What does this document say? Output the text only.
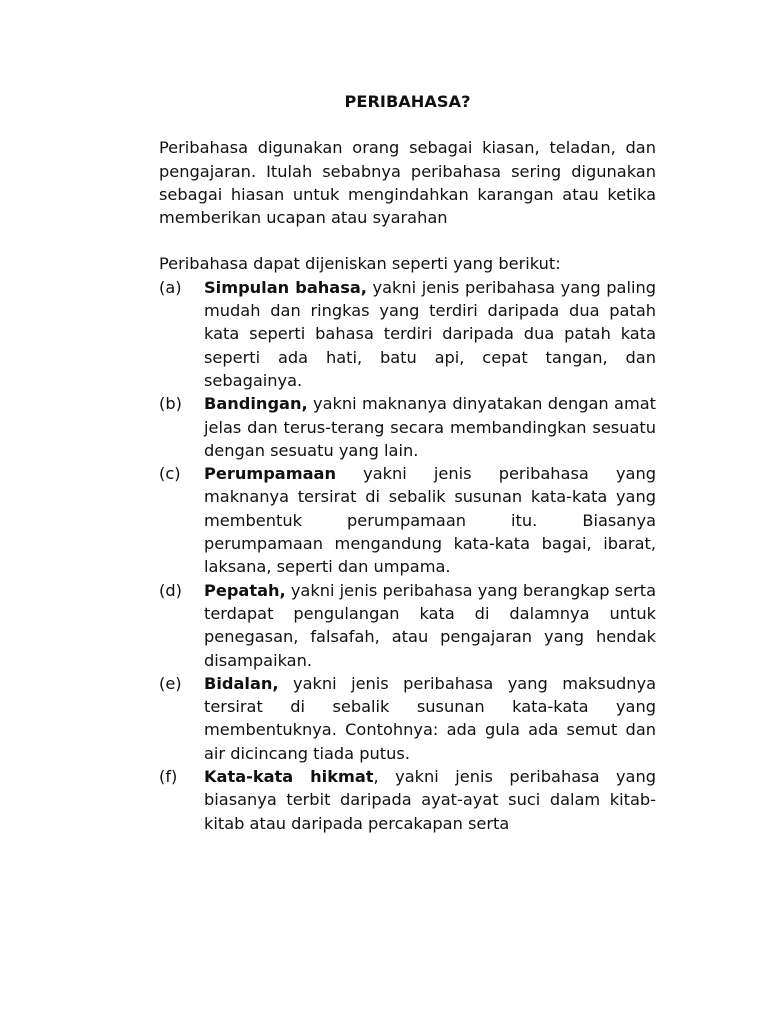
PERIBAHASA?

Peribahasa digunakan orang sebagai kiasan, teladan, dan pengajaran. Itulah sebabnya peribahasa sering digunakan sebagai hiasan untuk mengindahkan karangan atau ketika memberikan ucapan atau syarahan

Peribahasa dapat dijeniskan seperti yang berikut:

(a)	Simpulan bahasa, yakni jenis peribahasa yang paling mudah dan ringkas yang terdiri daripada dua patah kata seperti bahasa terdiri daripada dua patah kata seperti ada hati, batu api, cepat tangan, dan sebagainya.
(b)	Bandingan, yakni maknanya dinyatakan dengan amat jelas dan terus-terang secara membandingkan sesuatu dengan sesuatu yang lain.
(c)	Perumpamaan yakni jenis peribahasa yang maknanya tersirat di sebalik susunan kata-kata yang membentuk perumpamaan itu. Biasanya perumpamaan mengandung kata-kata bagai, ibarat, laksana, seperti dan umpama.
(d)	Pepatah, yakni jenis peribahasa yang berangkap serta terdapat pengulangan kata di dalamnya untuk penegasan, falsafah, atau pengajaran yang hendak disampaikan.
(e)	Bidalan, yakni jenis peribahasa yang maksudnya tersirat di sebalik susunan kata-kata yang membentuknya. Contohnya: ada gula ada semut dan air dicincang tiada putus.
(f)	Kata-kata hikmat, yakni jenis peribahasa yang biasanya terbit daripada ayat-ayat suci dalam kitab-kitab atau daripada percakapan serta
